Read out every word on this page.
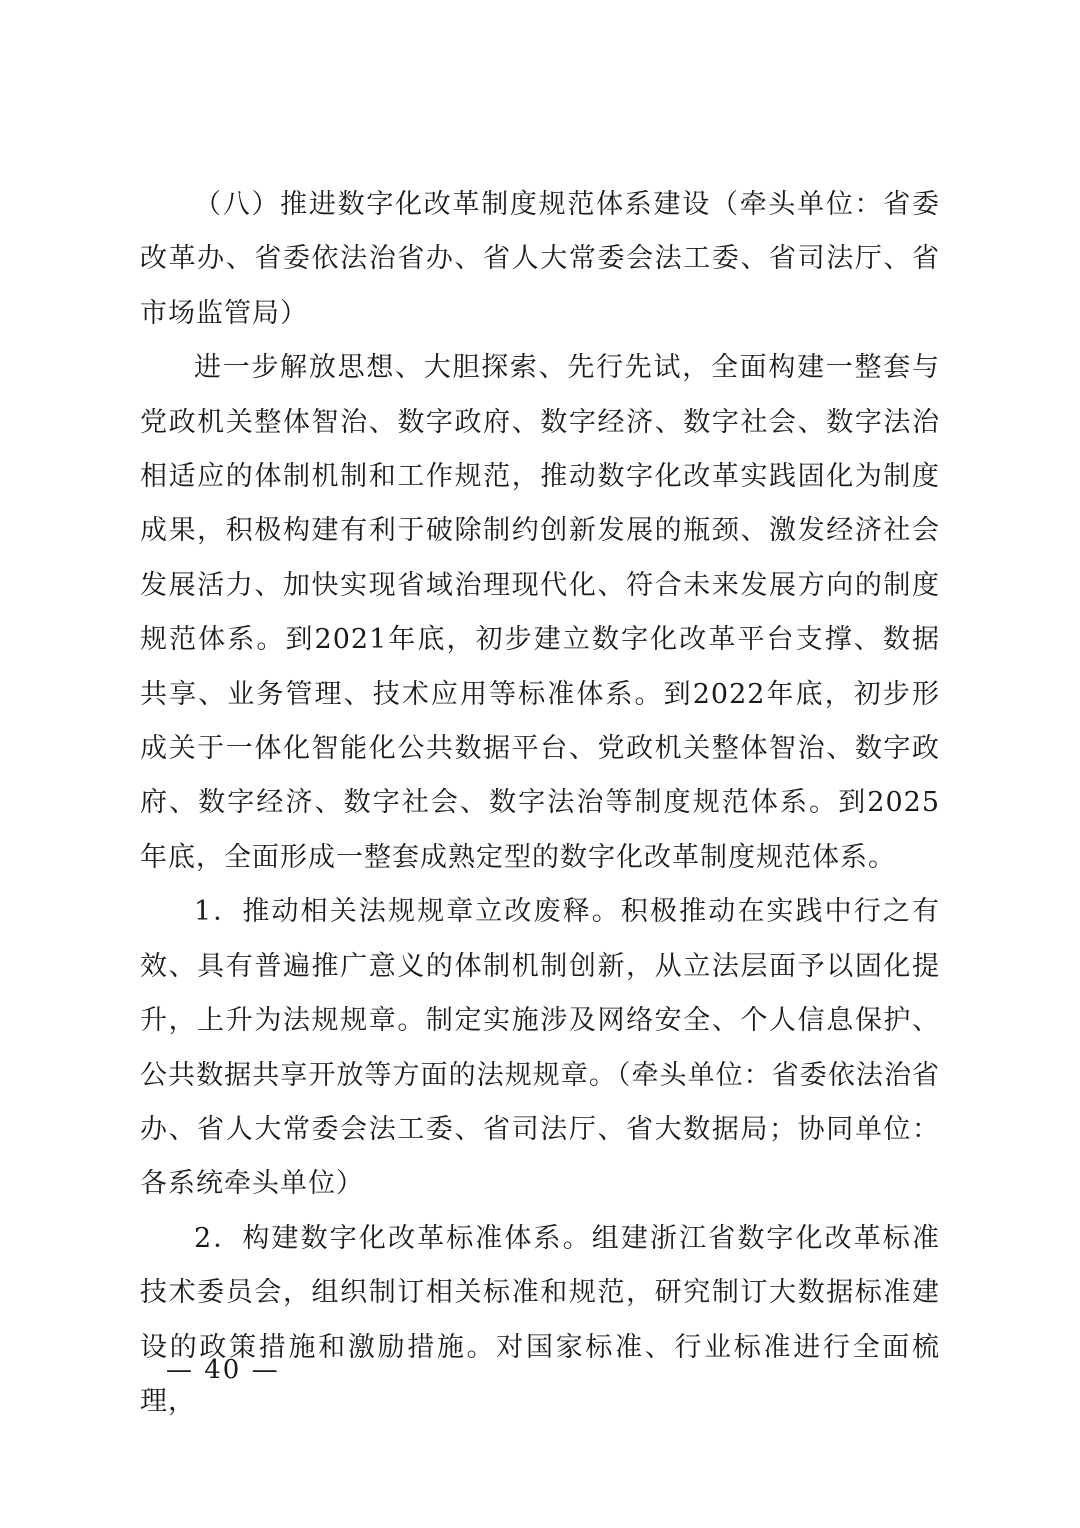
（八）推进数字化改革制度规范体系建设（牵头单位：省委改革办、省委依法治省办、省人大常委会法工委、省司法厅、省市场监管局）

进一步解放思想、大胆探索、先行先试，全面构建一整套与党政机关整体智治、数字政府、数字经济、数字社会、数字法治相适应的体制机制和工作规范，推动数字化改革实践固化为制度成果，积极构建有利于破除制约创新发展的瓶颈、激发经济社会发展活力、加快实现省域治理现代化、符合未来发展方向的制度规范体系。到2021年底，初步建立数字化改革平台支撑、数据共享、业务管理、技术应用等标准体系。到2022年底，初步形成关于一体化智能化公共数据平台、党政机关整体智治、数字政府、数字经济、数字社会、数字法治等制度规范体系。到2025年底，全面形成一整套成熟定型的数字化改革制度规范体系。

1．推动相关法规规章立改废释。积极推动在实践中行之有效、具有普遍推广意义的体制机制创新，从立法层面予以固化提升，上升为法规规章。制定实施涉及网络安全、个人信息保护、公共数据共享开放等方面的法规规章。（牵头单位：省委依法治省办、省人大常委会法工委、省司法厅、省大数据局；协同单位：各系统牵头单位）

2．构建数字化改革标准体系。组建浙江省数字化改革标准技术委员会，组织制订相关标准和规范，研究制订大数据标准建设的政策措施和激励措施。对国家标准、行业标准进行全面梳理，

— 40 —
